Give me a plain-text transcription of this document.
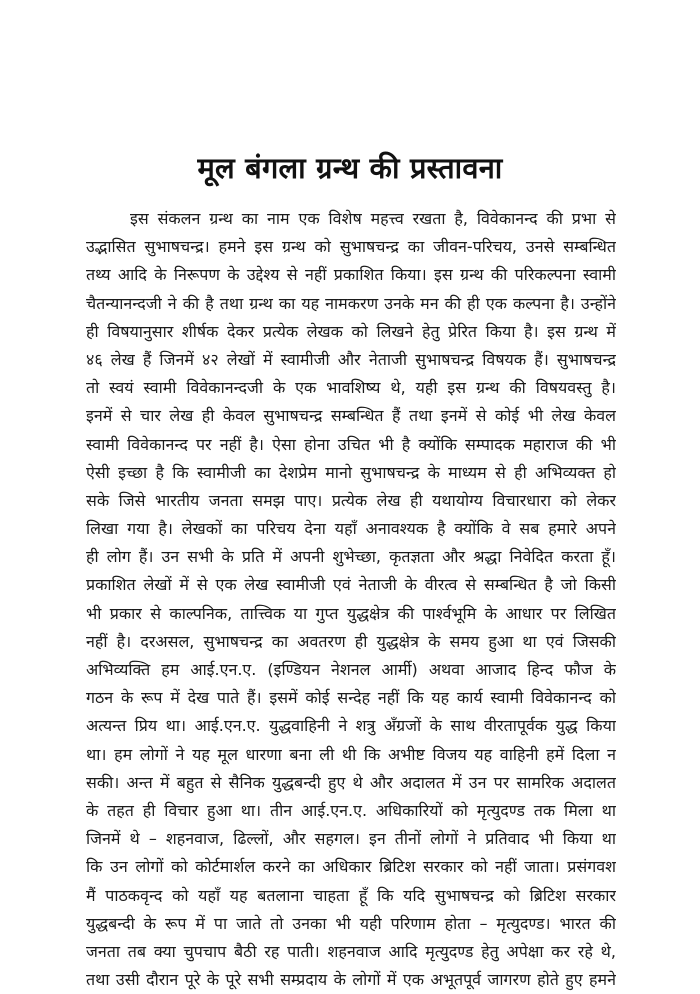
मूल बंगला ग्रन्थ की प्रस्तावना
इस संकलन ग्रन्थ का नाम एक विशेष महत्त्व रखता है, विवेकानन्द की प्रभा से
उद्भासित सुभाषचन्द्र। हमने इस ग्रन्थ को सुभाषचन्द्र का जीवन-परिचय, उनसे सम्बन्धित
तथ्य आदि के निरूपण के उद्देश्य से नहीं प्रकाशित किया। इस ग्रन्थ की परिकल्पना स्वामी
चैतन्यानन्दजी ने की है तथा ग्रन्थ का यह नामकरण उनके मन की ही एक कल्पना है। उन्होंने
ही विषयानुसार शीर्षक देकर प्रत्येक लेखक को लिखने हेतु प्रेरित किया है। इस ग्रन्थ में
४६ लेख हैं जिनमें ४२ लेखों में स्वामीजी और नेताजी सुभाषचन्द्र विषयक हैं। सुभाषचन्द्र
तो स्वयं स्वामी विवेकानन्दजी के एक भावशिष्य थे, यही इस ग्रन्थ की विषयवस्तु है।
इनमें से चार लेख ही केवल सुभाषचन्द्र सम्बन्धित हैं तथा इनमें से कोई भी लेख केवल
स्वामी विवेकानन्द पर नहीं है। ऐसा होना उचित भी है क्योंकि सम्पादक महाराज की भी
ऐसी इच्छा है कि स्वामीजी का देशप्रेम मानो सुभाषचन्द्र के माध्यम से ही अभिव्यक्त हो
सके जिसे भारतीय जनता समझ पाए। प्रत्येक लेख ही यथायोग्य विचारधारा को लेकर
लिखा गया है। लेखकों का परिचय देना यहाँ अनावश्यक है क्योंकि वे सब हमारे अपने
ही लोग हैं। उन सभी के प्रति में अपनी शुभेच्छा, कृतज्ञता और श्रद्धा निवेदित करता हूँ।
प्रकाशित लेखों में से एक लेख स्वामीजी एवं नेताजी के वीरत्व से सम्बन्धित है जो किसी
भी प्रकार से काल्पनिक, तात्त्विक या गुप्त युद्धक्षेत्र की पार्श्वभूमि के आधार पर लिखित
नहीं है। दरअसल, सुभाषचन्द्र का अवतरण ही युद्धक्षेत्र के समय हुआ था एवं जिसकी
अभिव्यक्ति हम आई.एन.ए. (इण्डियन नेशनल आर्मी) अथवा आजाद हिन्द फौज के
गठन के रूप में देख पाते हैं। इसमें कोई सन्देह नहीं कि यह कार्य स्वामी विवेकानन्द को
अत्यन्त प्रिय था। आई.एन.ए. युद्धवाहिनी ने शत्रु अँग्रजों के साथ वीरतापूर्वक युद्ध किया
था। हम लोगों ने यह मूल धारणा बना ली थी कि अभीष्ट विजय यह वाहिनी हमें दिला न
सकी। अन्त में बहुत से सैनिक युद्धबन्दी हुए थे और अदालत में उन पर सामरिक अदालत
के तहत ही विचार हुआ था। तीन आई.एन.ए. अधिकारियों को मृत्युदण्ड तक मिला था
जिनमें थे – शहनवाज, ढिल्लों, और सहगल। इन तीनों लोगों ने प्रतिवाद भी किया था
कि उन लोगों को कोर्टमार्शल करने का अधिकार ब्रिटिश सरकार को नहीं जाता। प्रसंगवश
मैं पाठकवृन्द को यहाँ यह बतलाना चाहता हूँ कि यदि सुभाषचन्द्र को ब्रिटिश सरकार
युद्धबन्दी के रूप में पा जाते तो उनका भी यही परिणाम होता – मृत्युदण्ड। भारत की
जनता तब क्या चुपचाप बैठी रह पाती। शहनवाज आदि मृत्युदण्ड हेतु अपेक्षा कर रहे थे,
तथा उसी दौरान पूरे के पूरे सभी सम्प्रदाय के लोगों में एक अभूतपूर्व जागरण होते हुए हमने
